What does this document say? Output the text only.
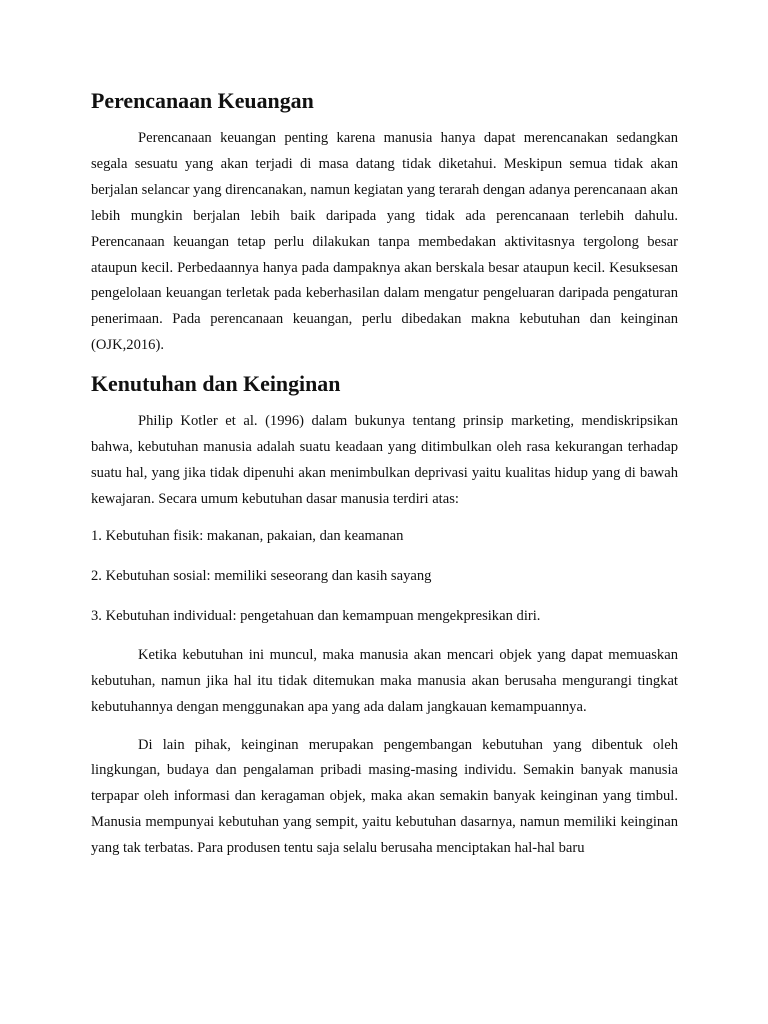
Perencanaan Keuangan

Perencanaan keuangan penting karena manusia hanya dapat merencanakan sedangkan segala sesuatu yang akan terjadi di masa datang tidak diketahui. Meskipun semua tidak akan berjalan selancar yang direncanakan, namun kegiatan yang terarah dengan adanya perencanaan akan lebih mungkin berjalan lebih baik daripada yang tidak ada perencanaan terlebih dahulu. Perencanaan keuangan tetap perlu dilakukan tanpa membedakan aktivitasnya tergolong besar ataupun kecil. Perbedaannya hanya pada dampaknya akan berskala besar ataupun kecil. Kesuksesan pengelolaan keuangan terletak pada keberhasilan dalam mengatur pengeluaran daripada pengaturan penerimaan. Pada perencanaan keuangan, perlu dibedakan makna kebutuhan dan keinginan (OJK,2016).

Kenutuhan dan Keinginan

Philip Kotler et al. (1996) dalam bukunya tentang prinsip marketing, mendiskripsikan bahwa, kebutuhan manusia adalah suatu keadaan yang ditimbulkan oleh rasa kekurangan terhadap suatu hal, yang jika tidak dipenuhi akan menimbulkan deprivasi yaitu kualitas hidup yang di bawah kewajaran. Secara umum kebutuhan dasar manusia terdiri atas:

1. Kebutuhan fisik: makanan, pakaian, dan keamanan

2. Kebutuhan sosial: memiliki seseorang dan kasih sayang

3. Kebutuhan individual: pengetahuan dan kemampuan mengekpresikan diri.

Ketika kebutuhan ini muncul, maka manusia akan mencari objek yang dapat memuaskan kebutuhan, namun jika hal itu tidak ditemukan maka manusia akan berusaha mengurangi tingkat kebutuhannya dengan menggunakan apa yang ada dalam jangkauan kemampuannya.

Di lain pihak, keinginan merupakan pengembangan kebutuhan yang dibentuk oleh lingkungan, budaya dan pengalaman pribadi masing-masing individu. Semakin banyak manusia terpapar oleh informasi dan keragaman objek, maka akan semakin banyak keinginan yang timbul. Manusia mempunyai kebutuhan yang sempit, yaitu kebutuhan dasarnya, namun memiliki keinginan yang tak terbatas. Para produsen tentu saja selalu berusaha menciptakan hal-hal baru
